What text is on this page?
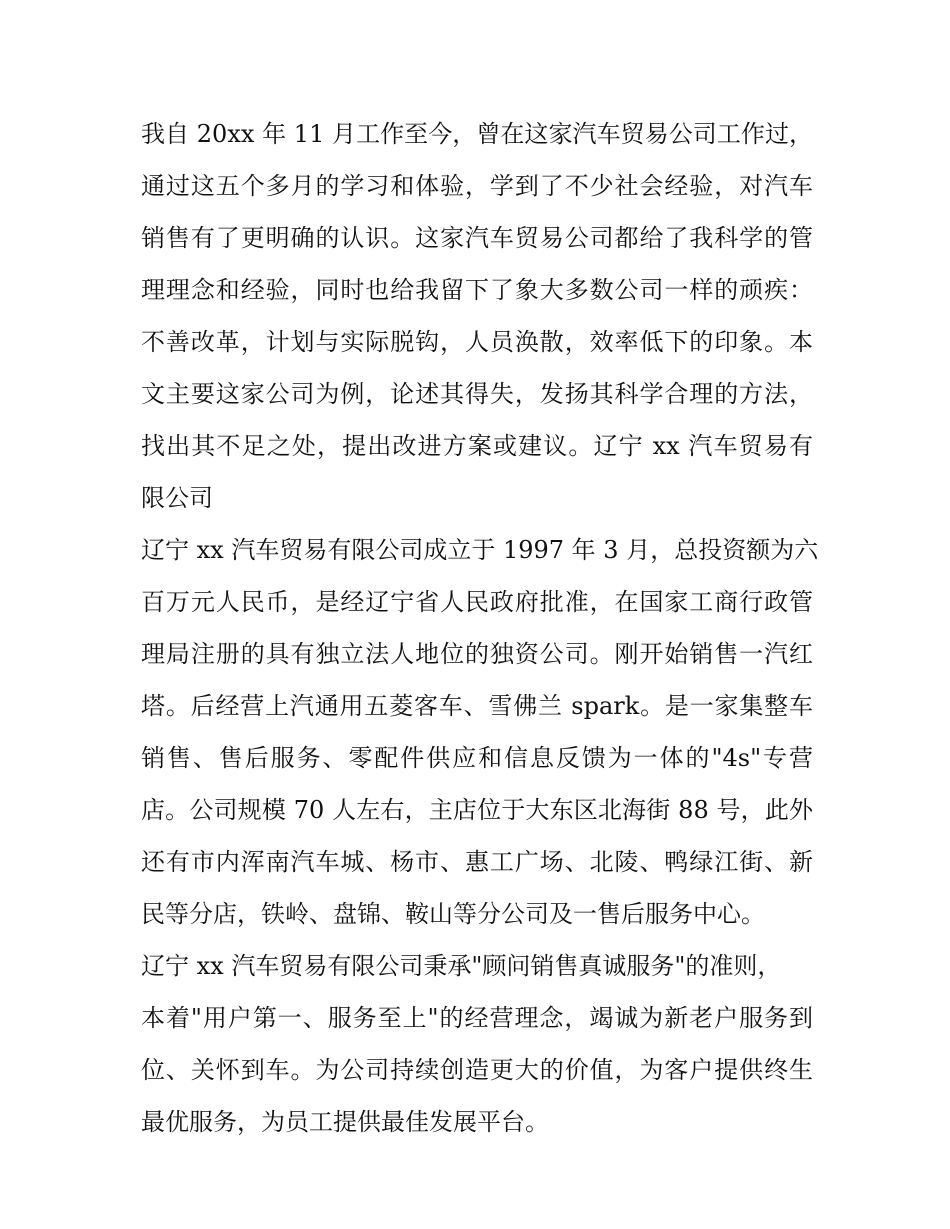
我自 20xx 年 11 月工作至今，曾在这家汽车贸易公司工作过，
通过这五个多月的学习和体验，学到了不少社会经验，对汽车
销售有了更明确的认识。这家汽车贸易公司都给了我科学的管
理理念和经验，同时也给我留下了象大多数公司一样的顽疾：
不善改革，计划与实际脱钩，人员涣散，效率低下的印象。本
文主要这家公司为例，论述其得失，发扬其科学合理的方法，
找出其不足之处，提出改进方案或建议。辽宁 xx 汽车贸易有
限公司
辽宁 xx 汽车贸易有限公司成立于 1997 年 3 月，总投资额为六
百万元人民币，是经辽宁省人民政府批准，在国家工商行政管
理局注册的具有独立法人地位的独资公司。刚开始销售一汽红
塔。后经营上汽通用五菱客车、雪佛兰 spark。是一家集整车
销售、售后服务、零配件供应和信息反馈为一体的"4s"专营
店。公司规模 70 人左右，主店位于大东区北海街 88 号，此外
还有市内浑南汽车城、杨市、惠工广场、北陵、鸭绿江街、新
民等分店，铁岭、盘锦、鞍山等分公司及一售后服务中心。
辽宁 xx 汽车贸易有限公司秉承"顾问销售真诚服务"的准则，
本着"用户第一、服务至上"的经营理念，竭诚为新老户服务到
位、关怀到车。为公司持续创造更大的价值，为客户提供终生
最优服务，为员工提供最佳发展平台。
